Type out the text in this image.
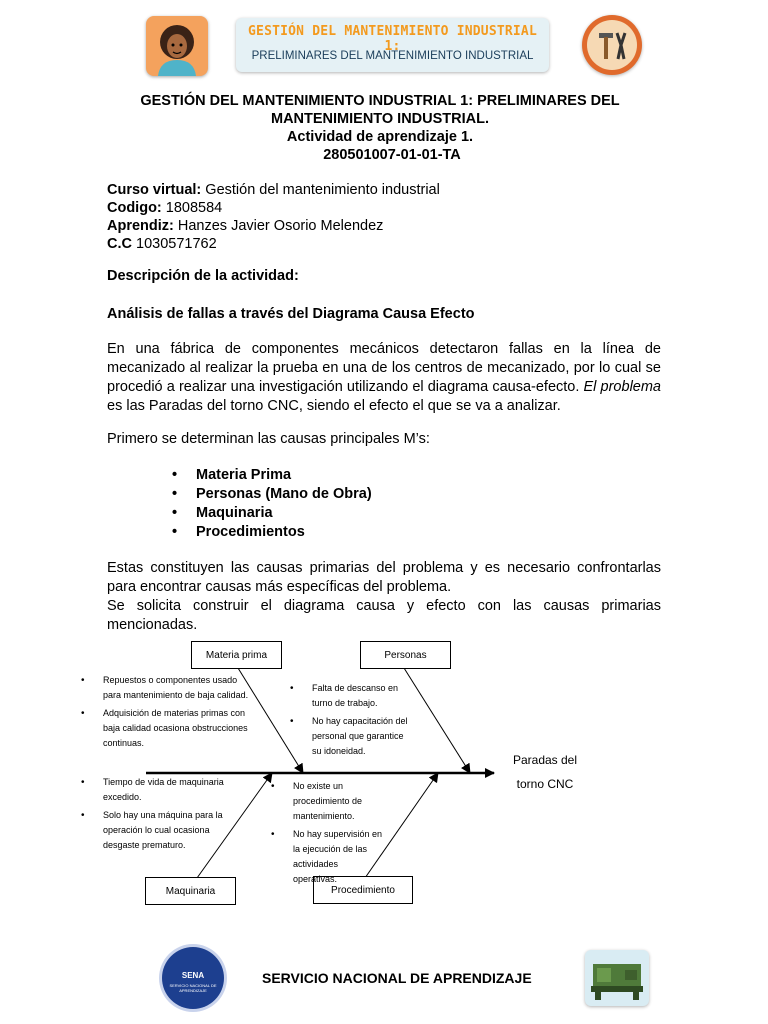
GESTIÓN DEL MANTENIMIENTO INDUSTRIAL 1:
PRELIMINARES DEL MANTENIMIENTO INDUSTRIAL
GESTIÓN DEL MANTENIMIENTO INDUSTRIAL 1: PRELIMINARES DEL
MANTENIMIENTO INDUSTRIAL.
Actividad de aprendizaje 1.
280501007-01-01-TA
Curso virtual: Gestión del mantenimiento industrial
Codigo: 1808584
Aprendiz: Hanzes Javier Osorio Melendez
C.C 1030571762
Descripción de la actividad:
Análisis de fallas a través del Diagrama Causa Efecto
En una fábrica de componentes mecánicos detectaron fallas en la línea de mecanizado al realizar la prueba en una de los centros de mecanizado, por lo cual se procedió a realizar una investigación utilizando el diagrama causa-efecto. El problema es las Paradas del torno CNC, siendo el efecto el que se va a analizar.
Primero se determinan las causas principales M’s:
• Materia Prima
• Personas (Mano de Obra)
• Maquinaria
• Procedimientos
Estas constituyen las causas primarias del problema y es necesario confrontarlas para encontrar causas más específicas del problema.
Se solicita construir el diagrama causa y efecto con las causas primarias mencionadas.
Materia prima	Personas
Maquinaria	Procedimiento
Paradas del
torno CNC
• Repuestos o componentes usado para mantenimiento de baja calidad.
• Adquisición de materias primas con baja calidad ocasiona obstrucciones continuas.
• Tiempo de vida de maquinaria excedido.
• Solo hay una máquina para la operación lo cual ocasiona desgaste prematuro.
• Falta de descanso en turno de trabajo.
• No hay capacitación del personal que garantice su idoneidad.
• No existe un procedimiento de mantenimiento.
• No hay supervisión en la ejecución de las actividades operativas.
SENA
SERVICIO NACIONAL DE APRENDIZAJE
SERVICIO NACIONAL DE APRENDIZAJE
